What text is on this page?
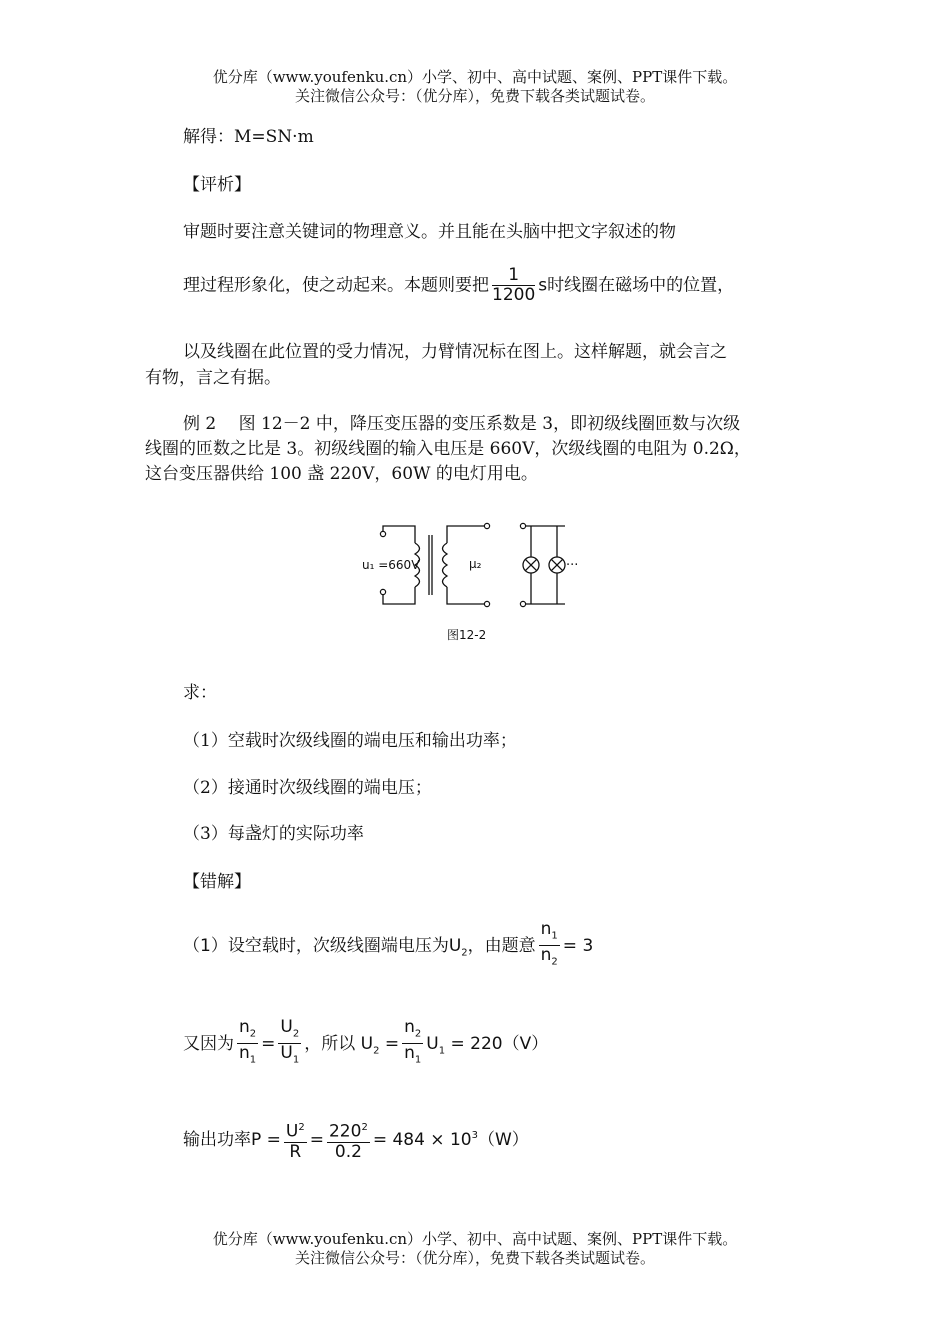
优分库（www.youfenku.cn）小学、初中、高中试题、案例、PPT课件下载。
关注微信公众号：（优分库），免费下载各类试题试卷。
解得：M=SN·m
【评析】
审题时要注意关键词的物理意义。并且能在头脑中把文字叙述的物
理过程形象化，使之动起来。本题则要把 $\frac{1}{1200}$ s时线圈在磁场中的位置，
以及线圈在此位置的受力情况，力臂情况标在图上。这样解题，就会言之
有物，言之有据。
例 2　 图 12－2 中，降压变压器的变压系数是 3，即初级线圈匝数与次级
线圈的匝数之比是 3。初级线圈的输入电压是 660V，次级线圈的电阻为 0.2Ω，
这台变压器供给 100 盏 220V，60W 的电灯用电。
u₁ =660V	μ₂	···
图12-2
求：
（1）空载时次级线圈的端电压和输出功率；
（2）接通时次级线圈的端电压；
（3）每盏灯的实际功率
【错解】
（1）设空载时，次级线圈端电压为$U_2$，由题意 $\frac{n_1}{n_2} = 3$
又因为 $\frac{n_2}{n_1} = \frac{U_2}{U_1}$ ，所以 $U_2 = \frac{n_2}{n_1} U_1 = 220(V)$
输出功率$P = \frac{U^2}{R} = \frac{220^2}{0.2} = 484 \times 10^3(W)$
优分库（www.youfenku.cn）小学、初中、高中试题、案例、PPT课件下载。
关注微信公众号：（优分库），免费下载各类试题试卷。
